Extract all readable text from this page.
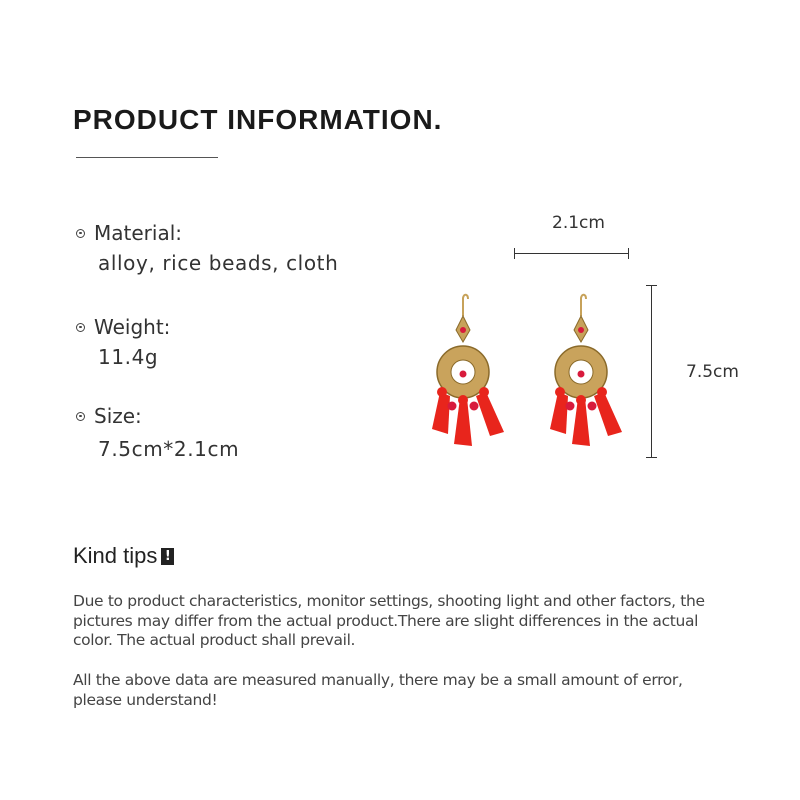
PRODUCT INFORMATION.
Material:
alloy, rice beads, cloth
Weight:
11.4g
Size:
7.5cm*2.1cm
2.1cm
7.5cm
Kind tips !
Due to product characteristics, monitor settings, shooting light and other factors, the pictures may differ from the actual product.There are slight differences in the actual color. The actual product shall prevail.
All the above data are measured manually, there may be a small amount of error, please understand!
